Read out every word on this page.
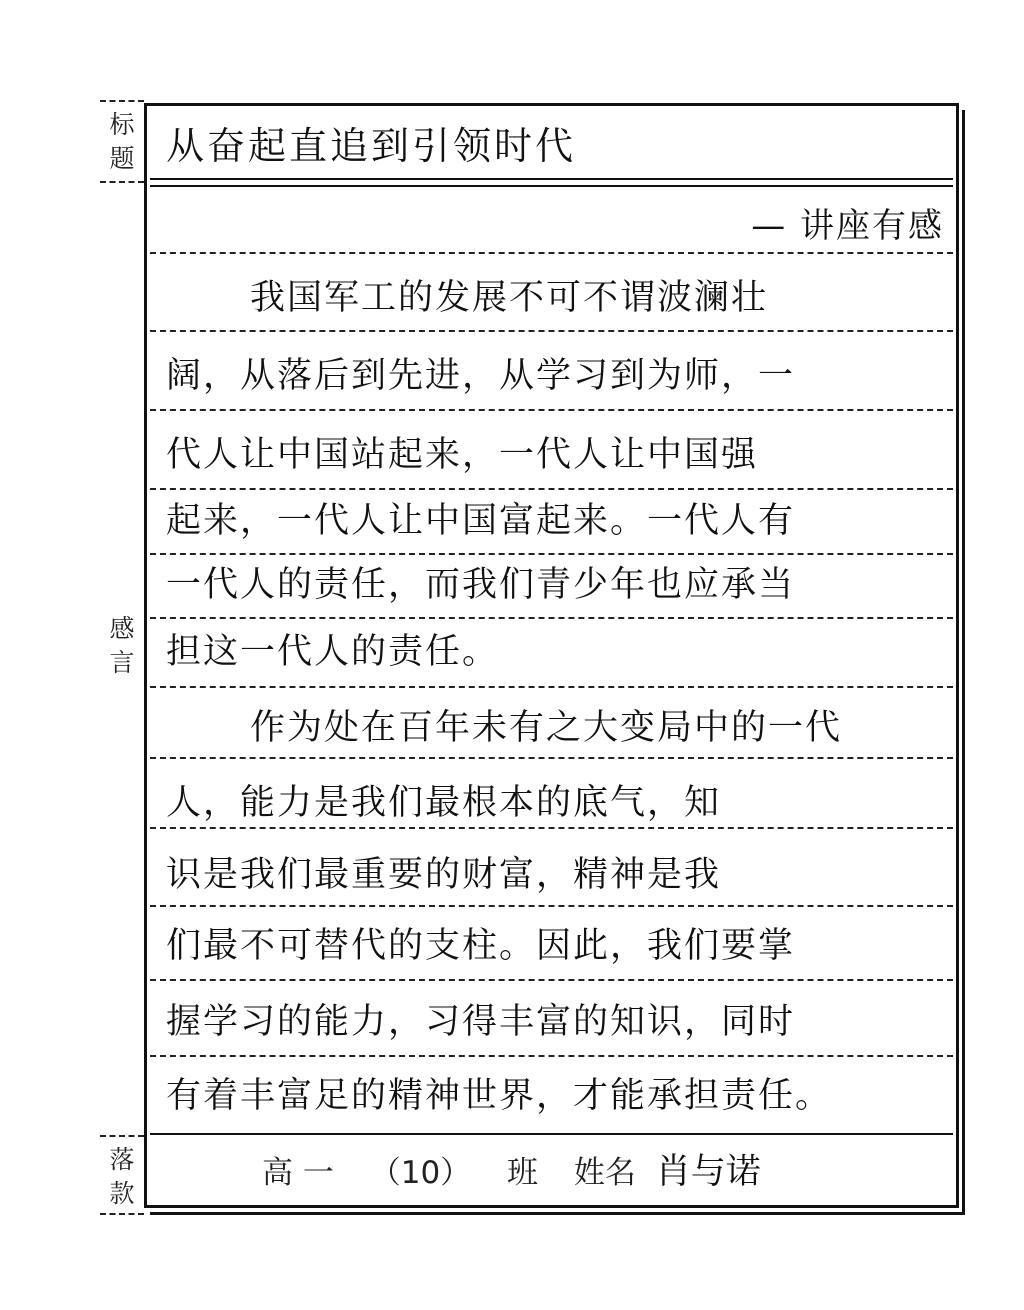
标
题
感
言
落
款
从奋起直追到引领时代
— 讲座有感
我国军工的发展不可不谓波澜壮
阔，从落后到先进，从学习到为师，一
代人让中国站起来，一代人让中国强
起来，一代人让中国富起来。一代人有
一代人的责任，而我们青少年也应承当
担这一代人的责任。
作为处在百年未有之大变局中的一代
人，能力是我们最根本的底气，知
识是我们最重要的财富，精神是我
们最不可替代的支柱。因此，我们要掌
握学习的能力，习得丰富的知识，同时
有着丰富足的精神世界，才能承担责任。
高 一 （10） 班 姓名 肖与诺
